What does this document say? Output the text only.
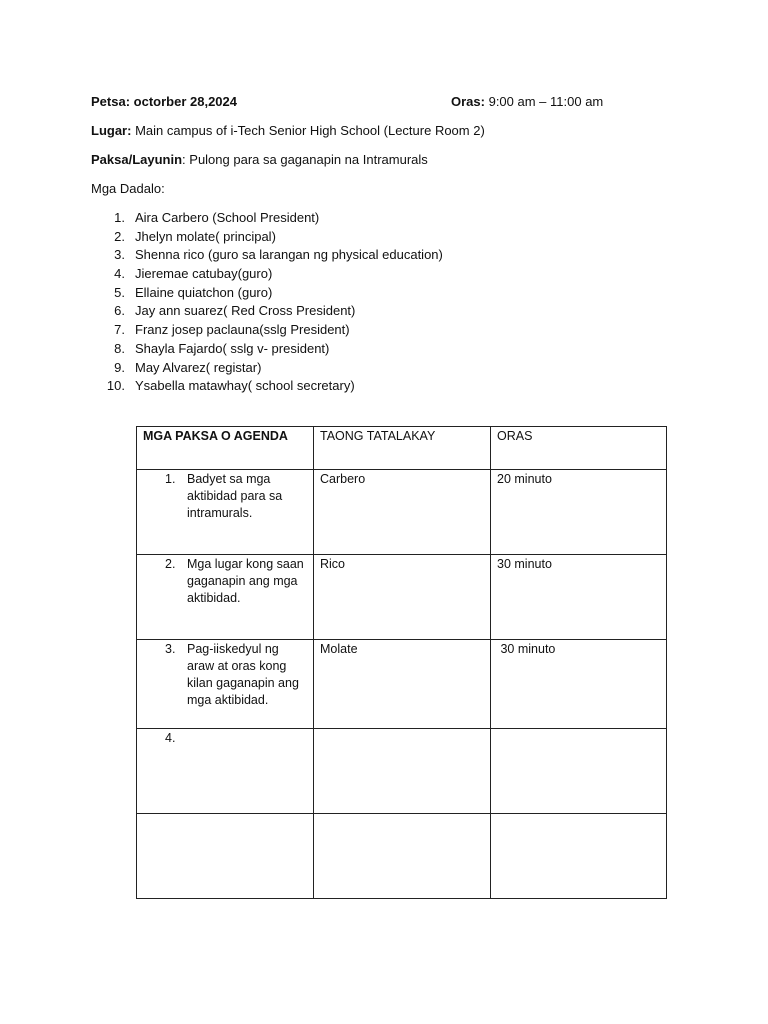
Petsa: octorber 28,2024	Oras: 9:00 am – 11:00 am
Lugar: Main campus of i-Tech Senior High School (Lecture Room 2)
Paksa/Layunin: Pulong para sa gaganapin na Intramurals
Mga Dadalo:
1. Aira Carbero (School President)
2. Jhelyn molate( principal)
3. Shenna rico (guro sa larangan ng physical education)
4. Jieremae catubay(guro)
5. Ellaine quiatchon (guro)
6. Jay ann suarez( Red Cross President)
7. Franz josep paclauna(sslg President)
8. Shayla Fajardo( sslg v- president)
9. May Alvarez( registar)
10. Ysabella matawhay( school secretary)
MGA PAKSA O AGENDA	TAONG TATALAKAY	ORAS

1. Badyet sa mga aktibidad para sa intramurals.	Carbero	20 minuto

2. Mga lugar kong saan gaganapin ang mga aktibidad.	Rico	30 minuto

3. Pag-iiskedyul ng araw at oras kong kilan gaganapin ang mga aktibidad.	Molate	30 minuto

4.		
